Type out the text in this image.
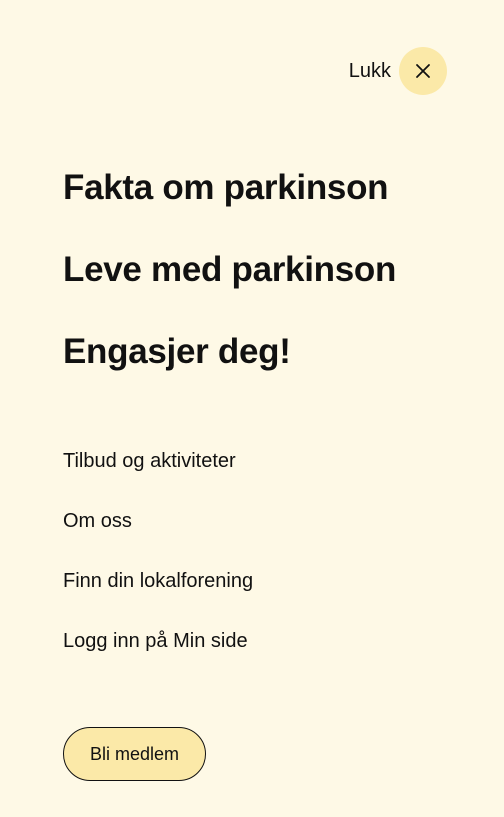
Lukk
Fakta om parkinson
Leve med parkinson
Engasjer deg!
Tilbud og aktiviteter
Om oss
Finn din lokalforening
Logg inn på Min side
Bli medlem
